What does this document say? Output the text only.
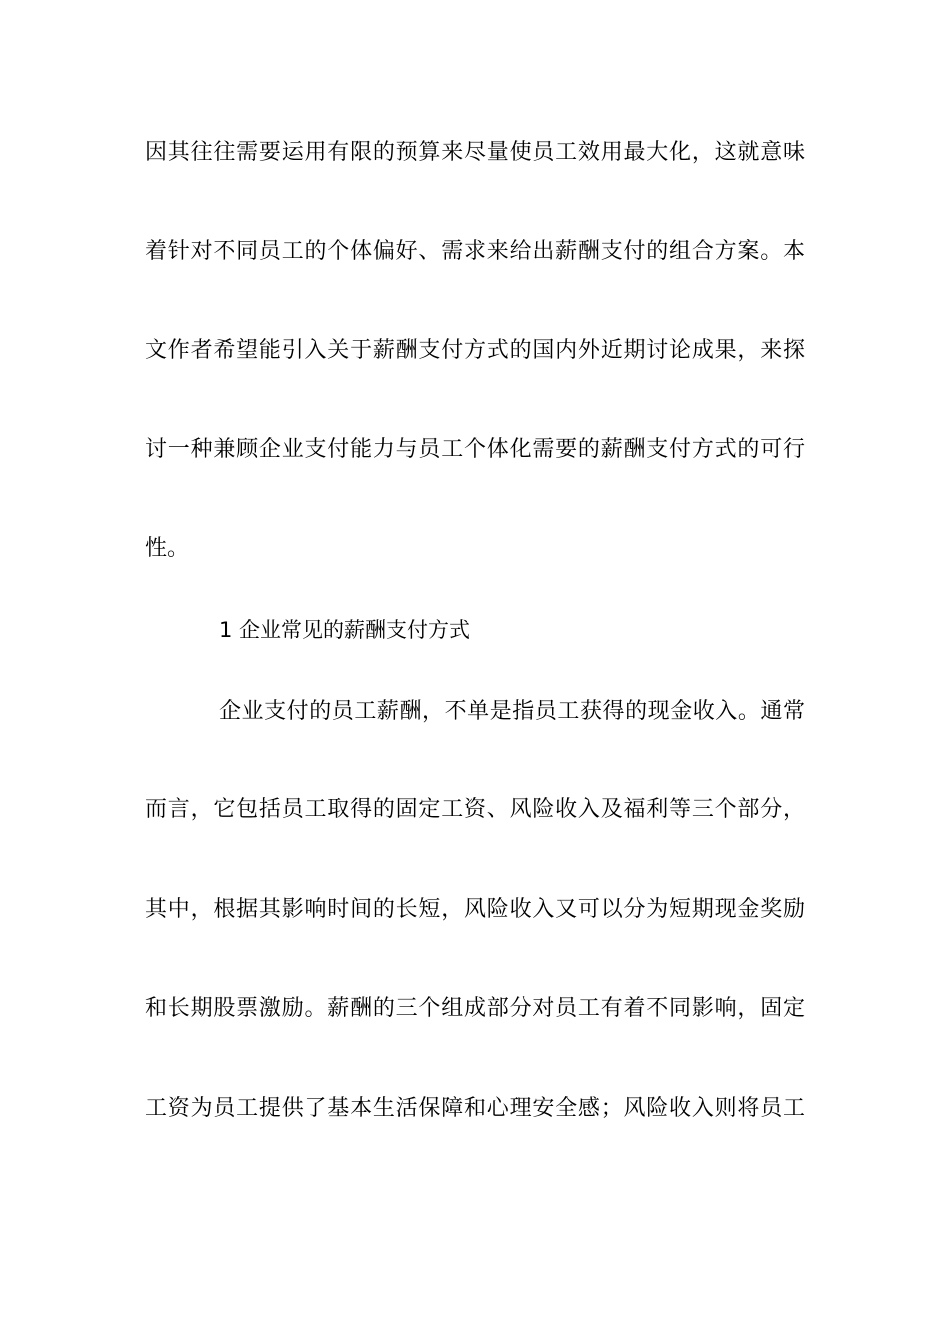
因其往往需要运用有限的预算来尽量使员工效用最大化，这就意味
着针对不同员工的个体偏好、需求来给出薪酬支付的组合方案。本
文作者希望能引入关于薪酬支付方式的国内外近期讨论成果，来探
讨一种兼顾企业支付能力与员工个体化需要的薪酬支付方式的可行
性。
1 企业常见的薪酬支付方式
企业支付的员工薪酬，不单是指员工获得的现金收入。通常
而言，它包括员工取得的固定工资、风险收入及福利等三个部分，
其中，根据其影响时间的长短，风险收入又可以分为短期现金奖励
和长期股票激励。薪酬的三个组成部分对员工有着不同影响，固定
工资为员工提供了基本生活保障和心理安全感；风险收入则将员工
